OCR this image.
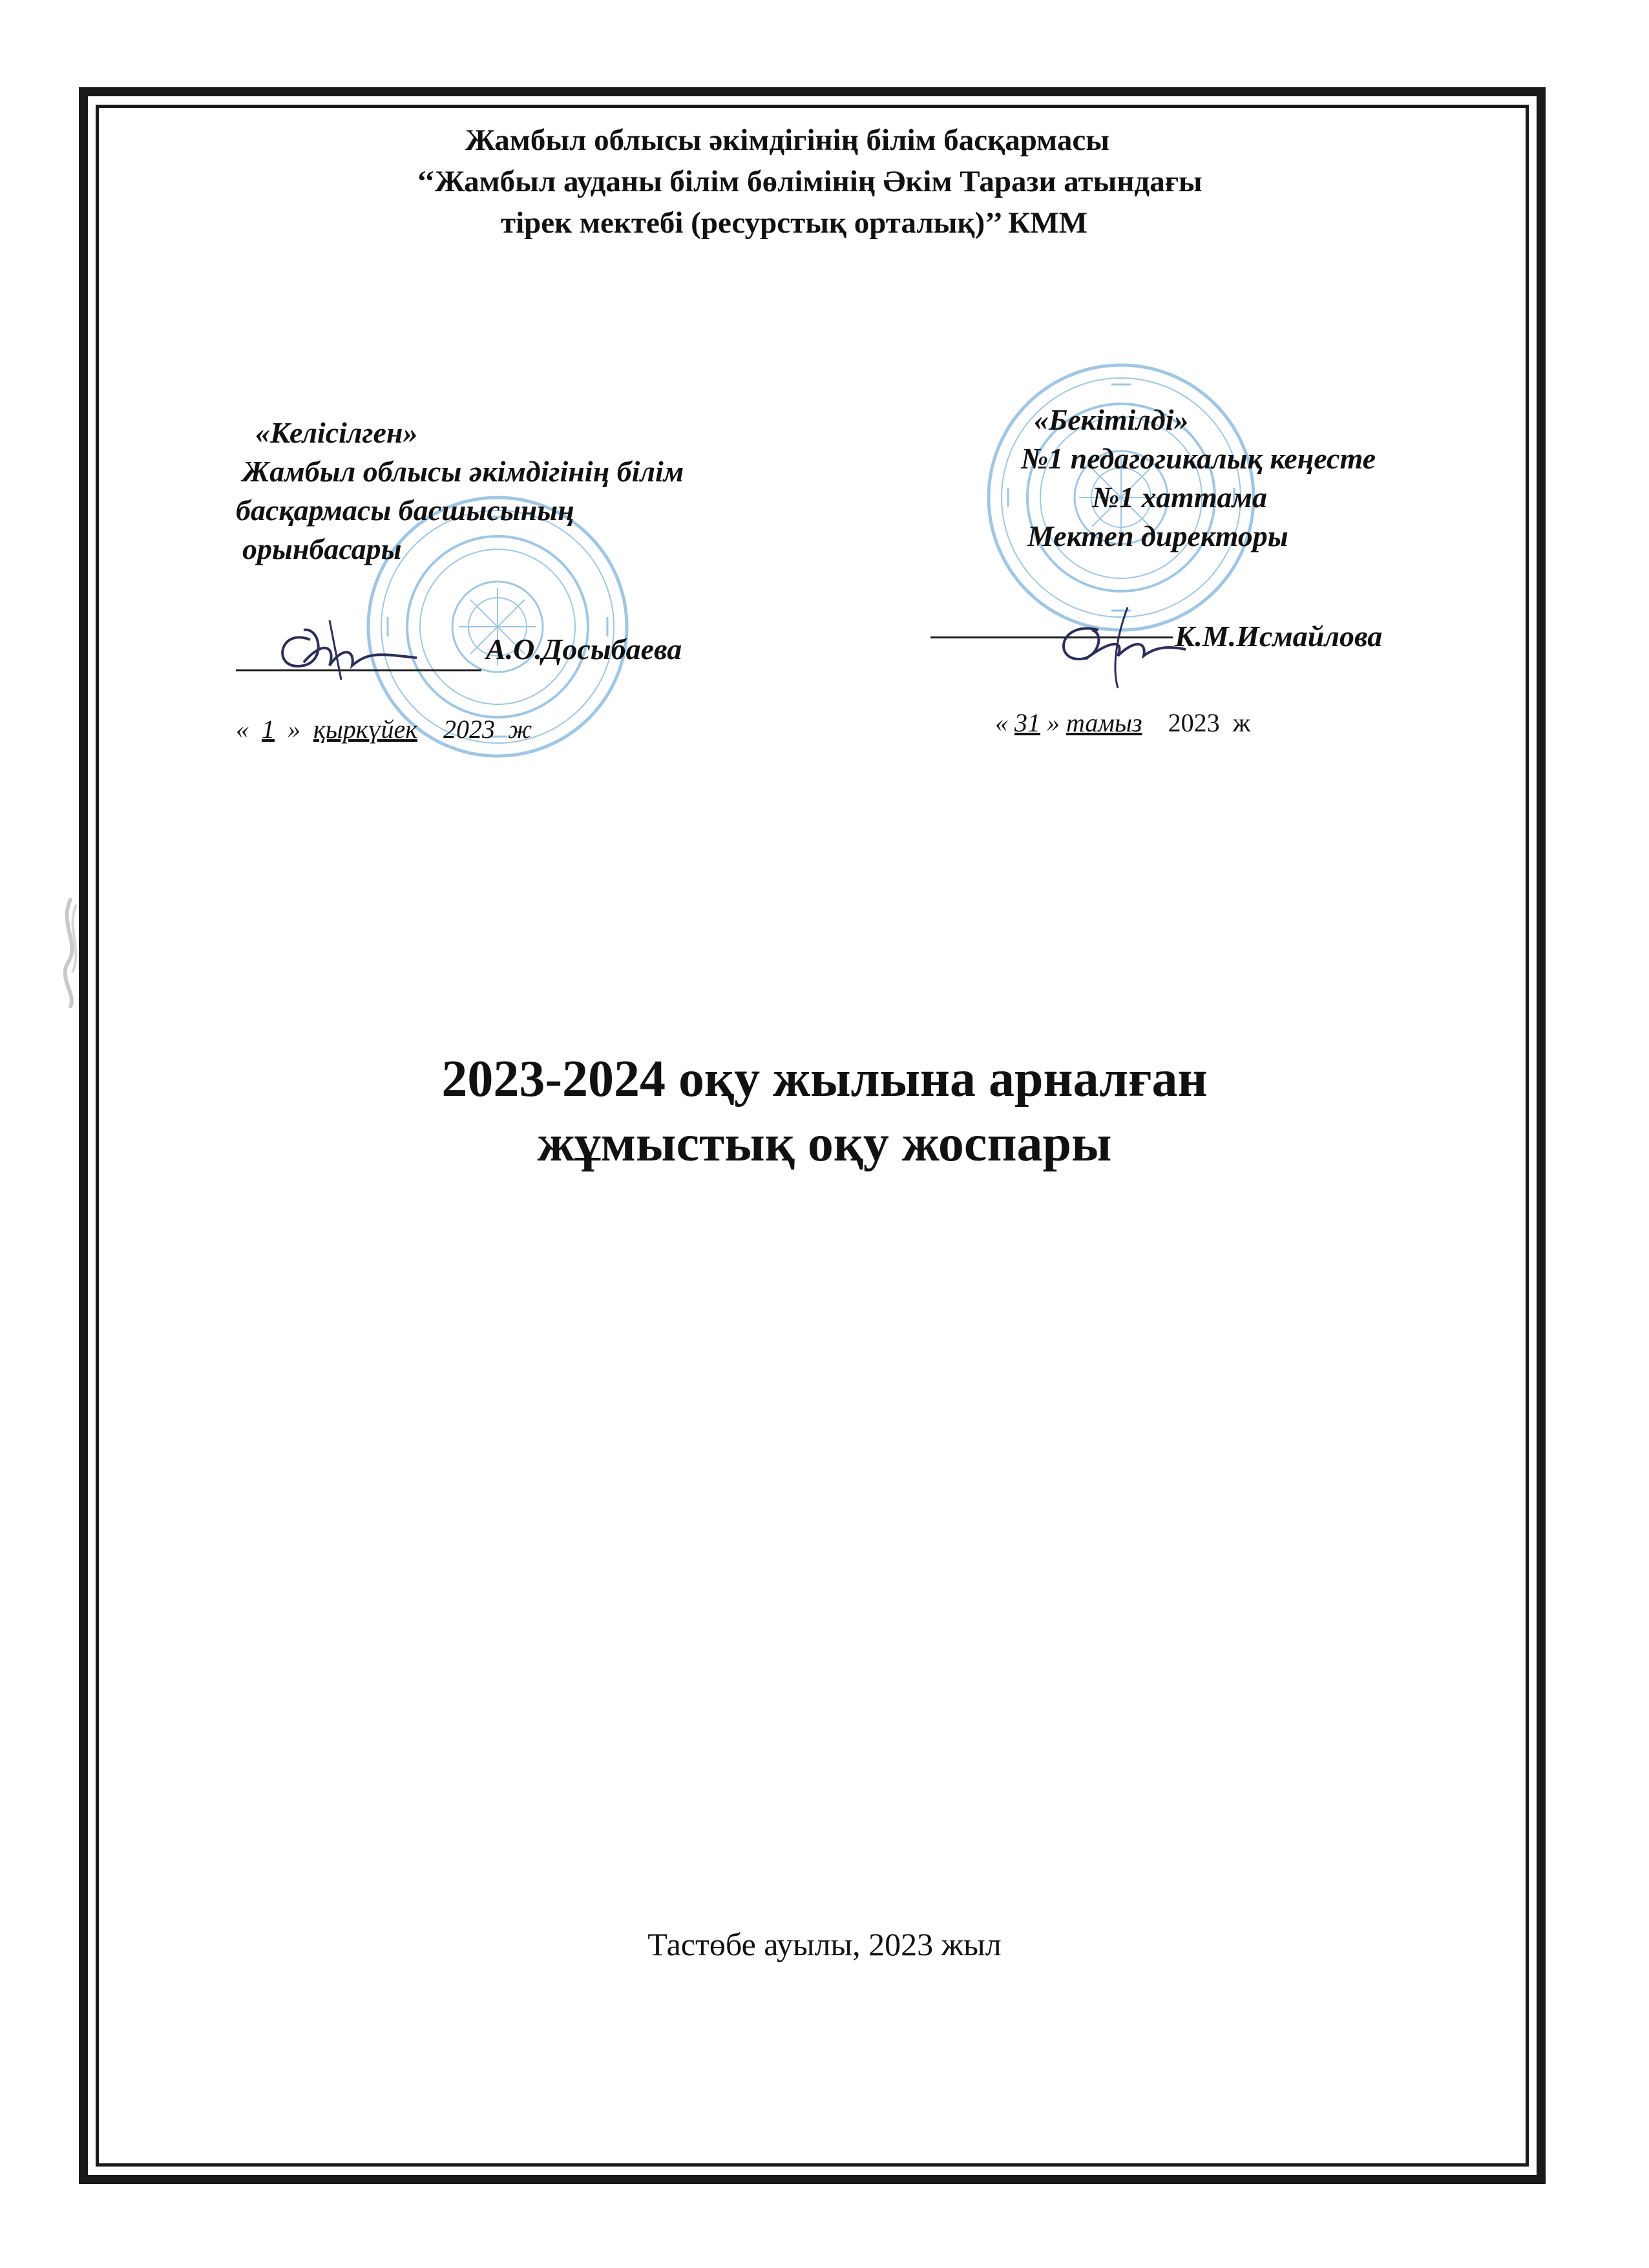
Жамбыл облысы әкімдігінің білім басқармасы
‘‘Жамбыл ауданы білім бөлімінің Әкім Тарази атындағы
тірек мектебі (ресурстық орталық)’’ КММ
«Келісілген»
Жамбыл облысы әкімдігінің білім
басқармасы басшысының
орынбасары
А.О.Досыбаева
« 1 » қыркүйек 2023 ж
«Бекітілді»
№1 педагогикалық кеңесте
№1 хаттама
Мектеп директоры
К.М.Исмайлова
« 31 » тамыз 2023 ж
2023-2024 оқу жылына арналған
жұмыстық оқу жоспары
Тастөбе ауылы, 2023 жыл
